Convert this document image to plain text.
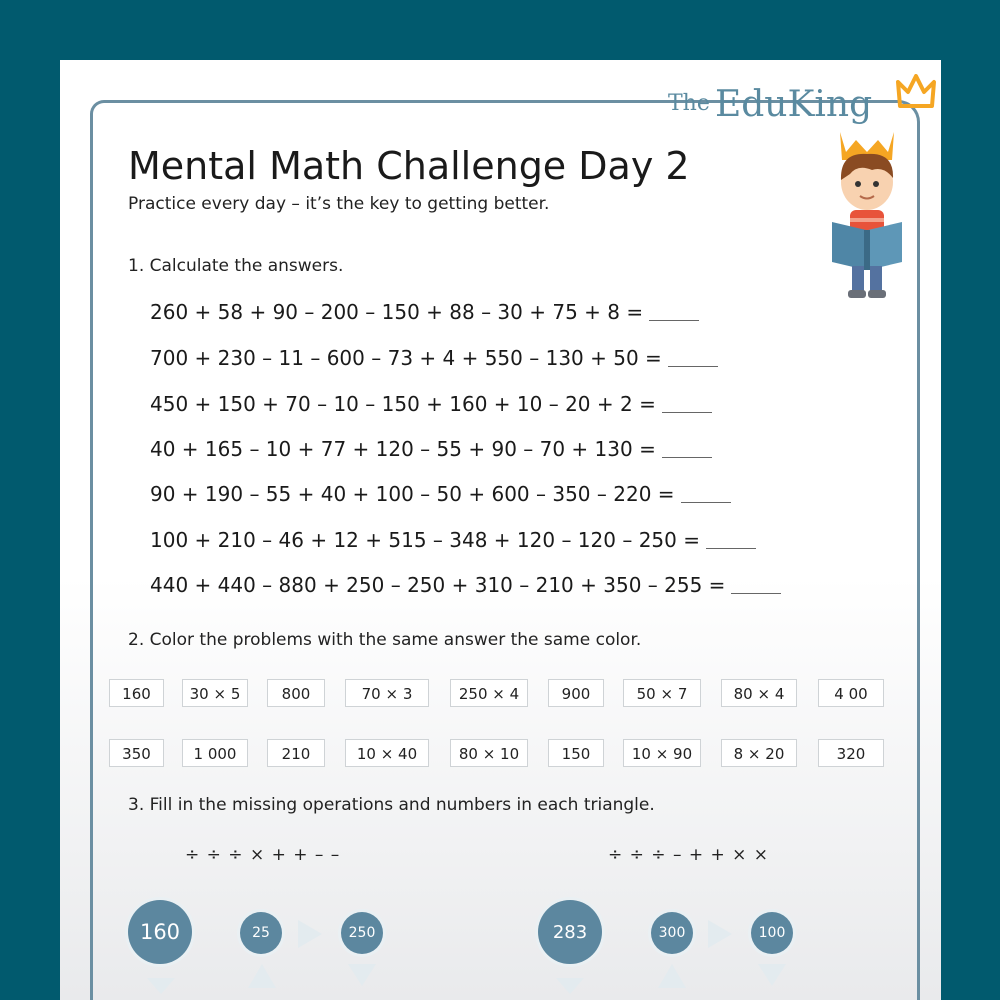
The EduKing
Mental Math Challenge Day 2

Practice every day – it’s the key to getting better.

1. Calculate the answers.
260 + 58 + 90 – 200 – 150 + 88 – 30 + 75 + 8 =
700 + 230 – 11 – 600 – 73 + 4 + 550 – 130 + 50 =
450 + 150 + 70 – 10 – 150 + 160 + 10 – 20 + 2 =
40 + 165 – 10 + 77 + 120 – 55 + 90 – 70 + 130 =
90 + 190 – 55 + 40 + 100 – 50 + 600 – 350 – 220 =
100 + 210 – 46 + 12 + 515 – 348 + 120 – 120 – 250 =
440 + 440 – 880 + 250 – 250 + 310 – 210 + 350 – 255 =
2. Color the problems with the same answer the same color.
160	30 × 5	800	70 × 3	250 × 4	900	50 × 7	80 × 4	4 00
350	1 000	210	10 × 40	80 × 10	150	10 × 90	8 × 20	320
3. Fill in the missing operations and numbers in each triangle.
÷ ÷ ÷ × + + – –	÷ ÷ ÷ – + + × ×
160	25	250	283	300	100
